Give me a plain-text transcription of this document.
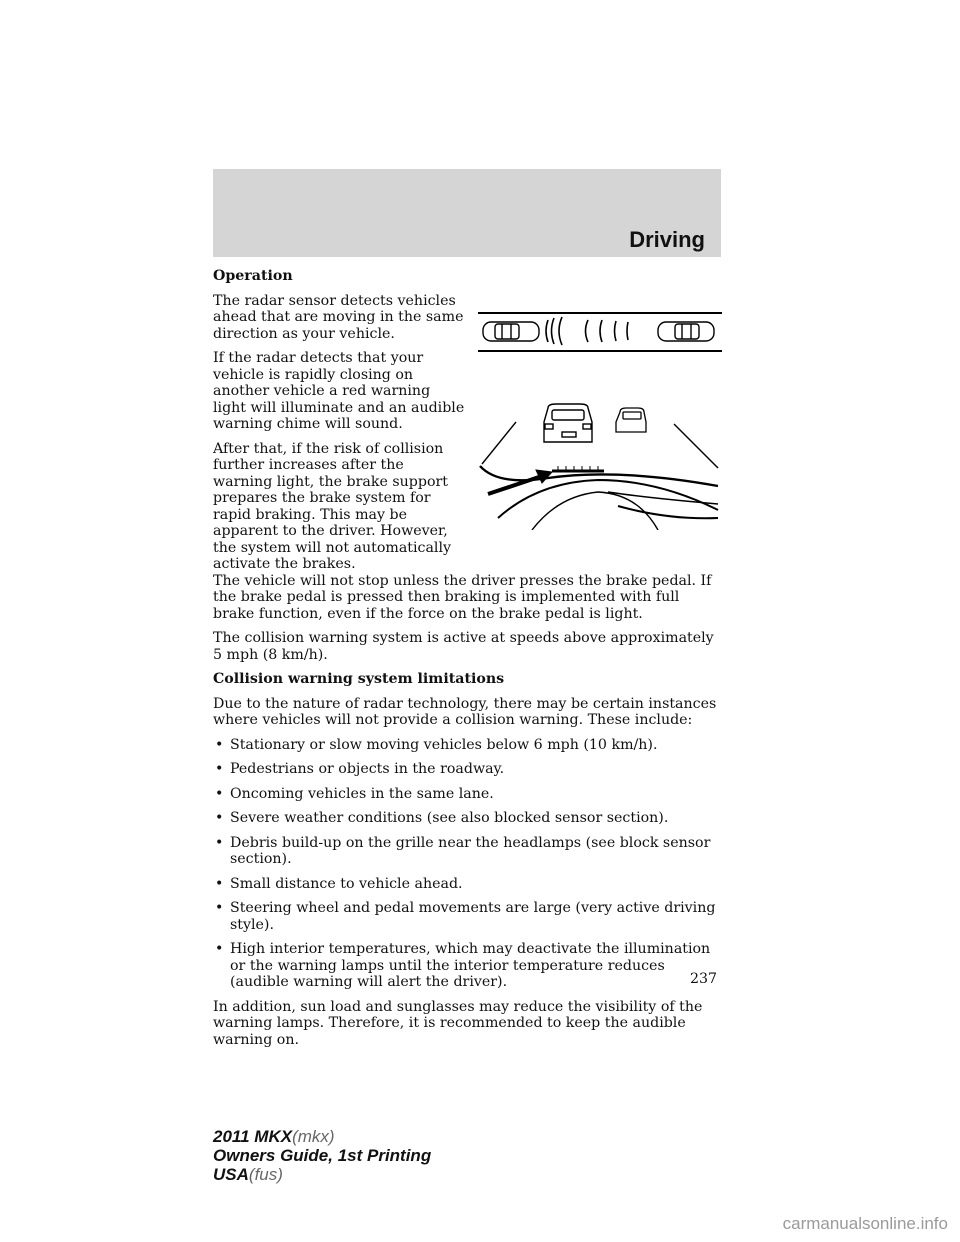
Driving
Operation

The radar sensor detects vehicles ahead that are moving in the same direction as your vehicle.

If the radar detects that your vehicle is rapidly closing on another vehicle a red warning light will illuminate and an audible warning chime will sound.

After that, if the risk of collision further increases after the warning light, the brake support prepares the brake system for rapid braking. This may be apparent to the driver. However, the system will not automatically activate the brakes.

The vehicle will not stop unless the driver presses the brake pedal. If the brake pedal is pressed then braking is implemented with full brake function, even if the force on the brake pedal is light.

The collision warning system is active at speeds above approximately 5 mph (8 km/h).

Collision warning system limitations

Due to the nature of radar technology, there may be certain instances where vehicles will not provide a collision warning. These include:

• Stationary or slow moving vehicles below 6 mph (10 km/h).
• Pedestrians or objects in the roadway.
• Oncoming vehicles in the same lane.
• Severe weather conditions (see also blocked sensor section).
• Debris build-up on the grille near the headlamps (see block sensor section).
• Small distance to vehicle ahead.
• Steering wheel and pedal movements are large (very active driving style).
• High interior temperatures, which may deactivate the illumination or the warning lamps until the interior temperature reduces (audible warning will alert the driver).

In addition, sun load and sunglasses may reduce the visibility of the warning lamps. Therefore, it is recommended to keep the audible warning on.

237
2011 MKX(mkx)
Owners Guide, 1st Printing
USA(fus)
carmanualsonline.info
